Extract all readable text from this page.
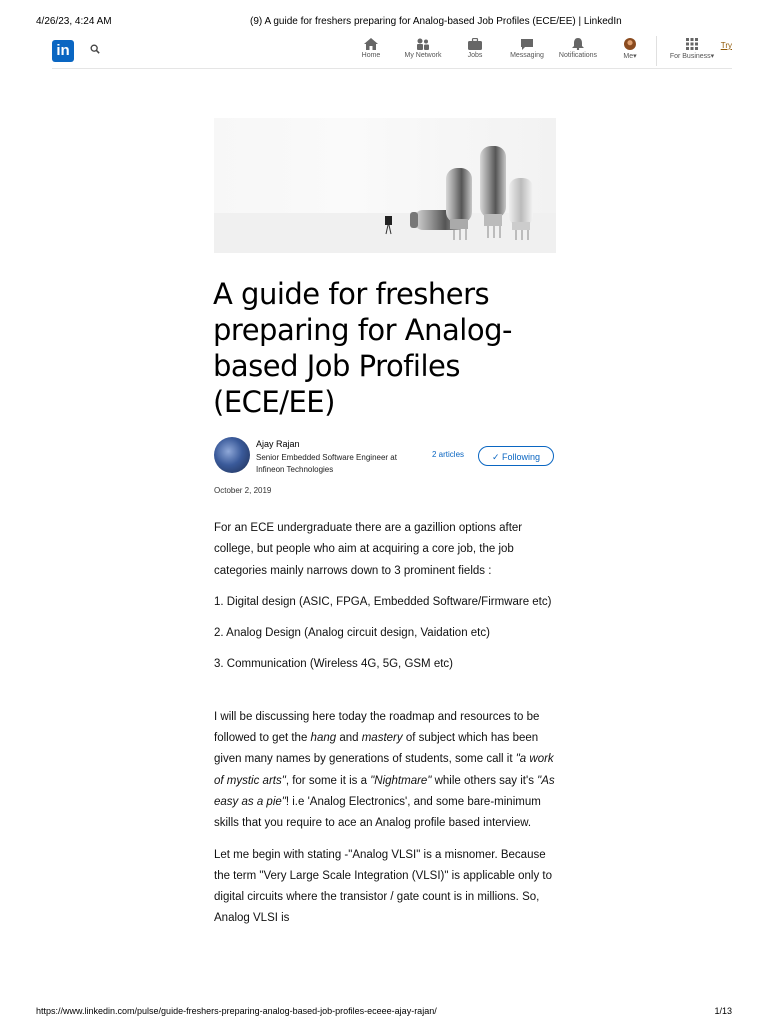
4/26/23, 4:24 AM	(9) A guide for freshers preparing for Analog-based Job Profiles (ECE/EE) | LinkedIn
in	Home	My Network	Jobs	Messaging	Notifications	Me▾	For Business▾
Try
A guide for freshers preparing for Analog-based Job Profiles (ECE/EE)
Ajay Rajan
Senior Embedded Software Engineer at Infineon Technologies
2 articles	✓ Following
October 2, 2019

For an ECE undergraduate there are a gazillion options after college, but people who aim at acquiring a core job, the job categories mainly narrows down to 3 prominent fields :

1. Digital design (ASIC, FPGA, Embedded Software/Firmware etc)

2. Analog Design (Analog circuit design, Vaidation etc)

3. Communication (Wireless 4G, 5G, GSM etc)

I will be discussing here today the roadmap and resources to be followed to get the hang and mastery of subject which has been given many names by generations of students, some call it "a work of mystic arts", for some it is a "Nightmare" while others say it's "As easy as a pie"! i.e 'Analog Electronics', and some bare-minimum skills that you require to ace an Analog profile based interview.

Let me begin with stating -"Analog VLSI" is a misnomer. Because the term "Very Large Scale Integration (VLSI)" is applicable only to digital circuits where the transistor / gate count is in millions. So, Analog VLSI is

https://www.linkedin.com/pulse/guide-freshers-preparing-analog-based-job-profiles-eceee-ajay-rajan/	1/13
